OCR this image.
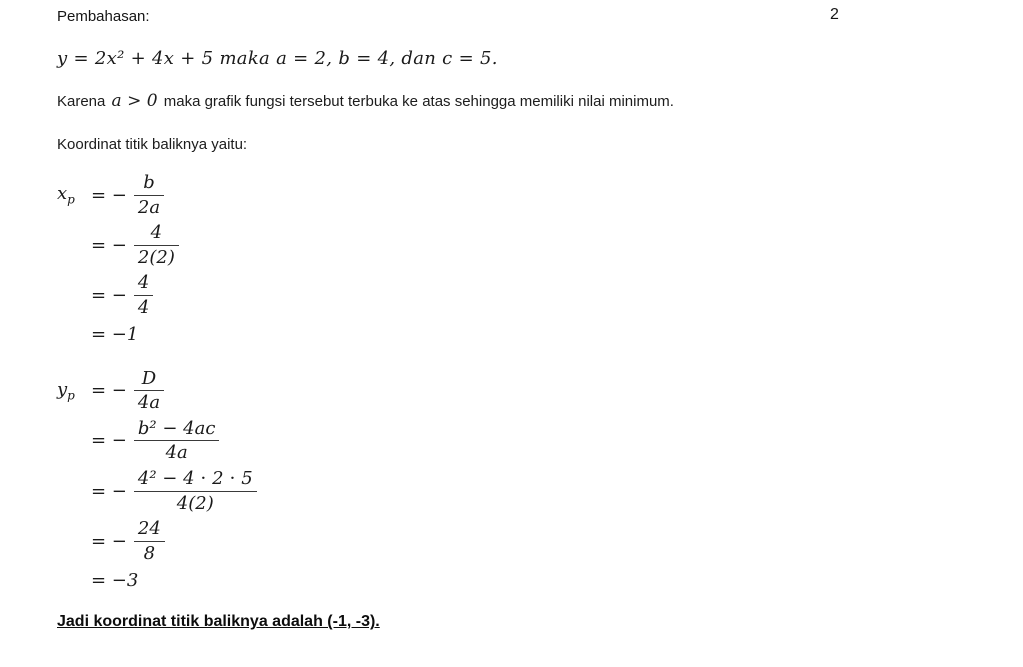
Pembahasan:	2
y = 2x² + 4x + 5 maka a = 2, b = 4, dan c = 5.
Karena a > 0 maka grafik fungsi tersebut terbuka ke atas sehingga memiliki nilai minimum.
Koordinat titik baliknya yaitu:
$x_p$ = − $\frac{b}{2a}$
= − $\frac{4}{2(2)}$
= − $\frac{4}{4}$
= −1
$y_p$ = − $\frac{D}{4a}$
= − $\frac{\text{b² − 4ac}}{4a}$
= − $\frac{\text{4² − 4 ⋅ 2 ⋅ 5}}{4(2)}$
= − $\frac{24}{8}$
= −3
Jadi koordinat titik baliknya adalah (-1, -3).
